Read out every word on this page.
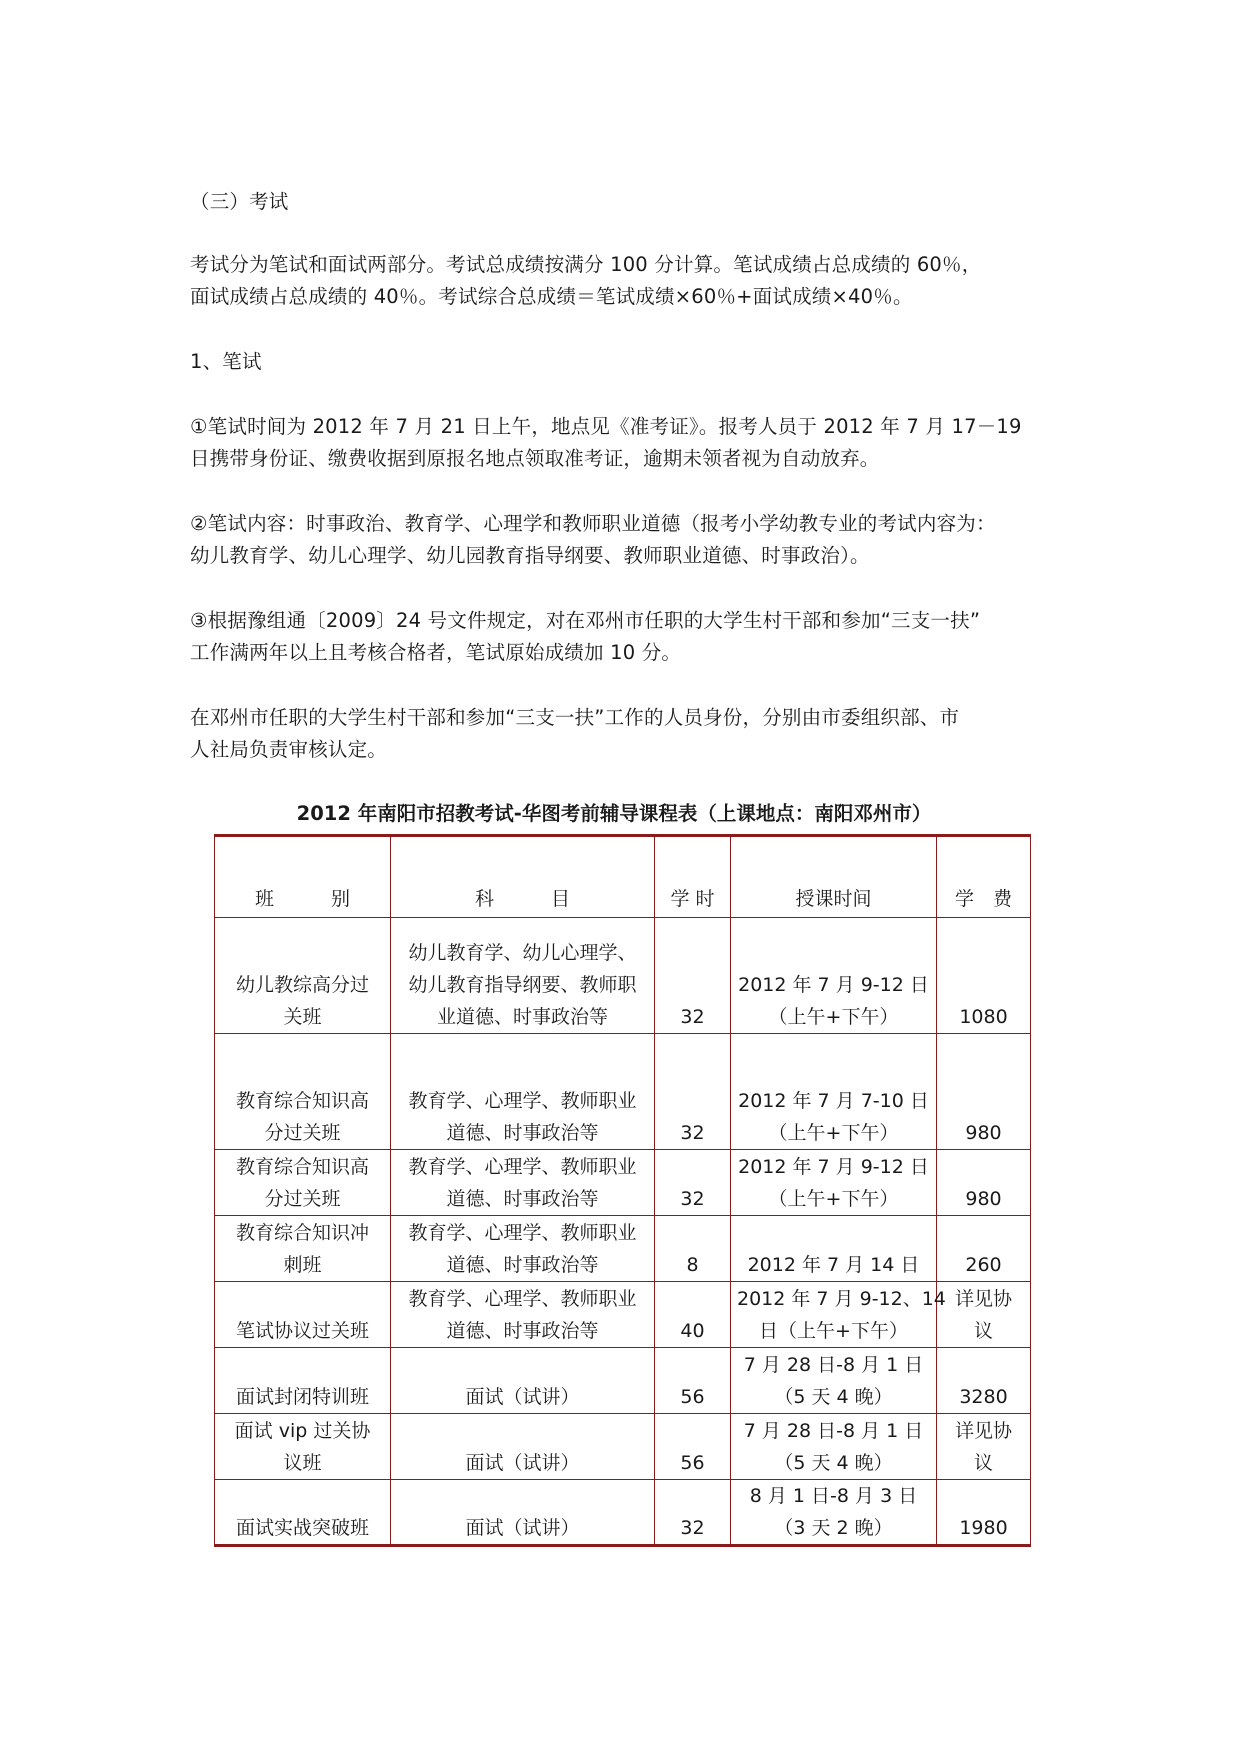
（三）考试
考试分为笔试和面试两部分。考试总成绩按满分 100 分计算。笔试成绩占总成绩的 60％，
面试成绩占总成绩的 40％。考试综合总成绩＝笔试成绩×60％+面试成绩×40％。
1、笔试
①笔试时间为 2012 年 7 月 21 日上午，地点见《准考证》。报考人员于 2012 年 7 月 17－19
日携带身份证、缴费收据到原报名地点领取准考证，逾期未领者视为自动放弃。
②笔试内容：时事政治、教育学、心理学和教师职业道德（报考小学幼教专业的考试内容为：
幼儿教育学、幼儿心理学、幼儿园教育指导纲要、教师职业道德、时事政治）。
③根据豫组通〔2009〕24 号文件规定，对在邓州市任职的大学生村干部和参加“三支一扶”
工作满两年以上且考核合格者，笔试原始成绩加 10 分。
在邓州市任职的大学生村干部和参加“三支一扶”工作的人员身份，分别由市委组织部、市
人社局负责审核认定。
2012 年南阳市招教考试-华图考前辅导课程表（上课地点：南阳邓州市）
班　　　别	科　　　目	学 时	授课时间	学　费

幼儿教综高分过
关班	幼儿教育学、幼儿心理学、
幼儿教育指导纲要、教师职
业道德、时事政治等	32	2012 年 7 月 9-12 日
（上午+下午）	1080

教育综合知识高
分过关班	教育学、心理学、教师职业
道德、时事政治等	32	2012 年 7 月 7-10 日
（上午+下午）	980

教育综合知识高
分过关班	教育学、心理学、教师职业
道德、时事政治等	32	2012 年 7 月 9-12 日
（上午+下午）	980

教育综合知识冲
刺班	教育学、心理学、教师职业
道德、时事政治等	8	2012 年 7 月 14 日	260

笔试协议过关班	教育学、心理学、教师职业
道德、时事政治等	40	2012 年 7 月 9-12、14
日（上午+下午）	详见协
议

面试封闭特训班	面试（试讲）	56	7 月 28 日-8 月 1 日
（5 天 4 晚）	3280

面试 vip 过关协
议班	面试（试讲）	56	7 月 28 日-8 月 1 日
（5 天 4 晚）	详见协
议

面试实战突破班	面试（试讲）	32	8 月 1 日-8 月 3 日
（3 天 2 晚）	1980
